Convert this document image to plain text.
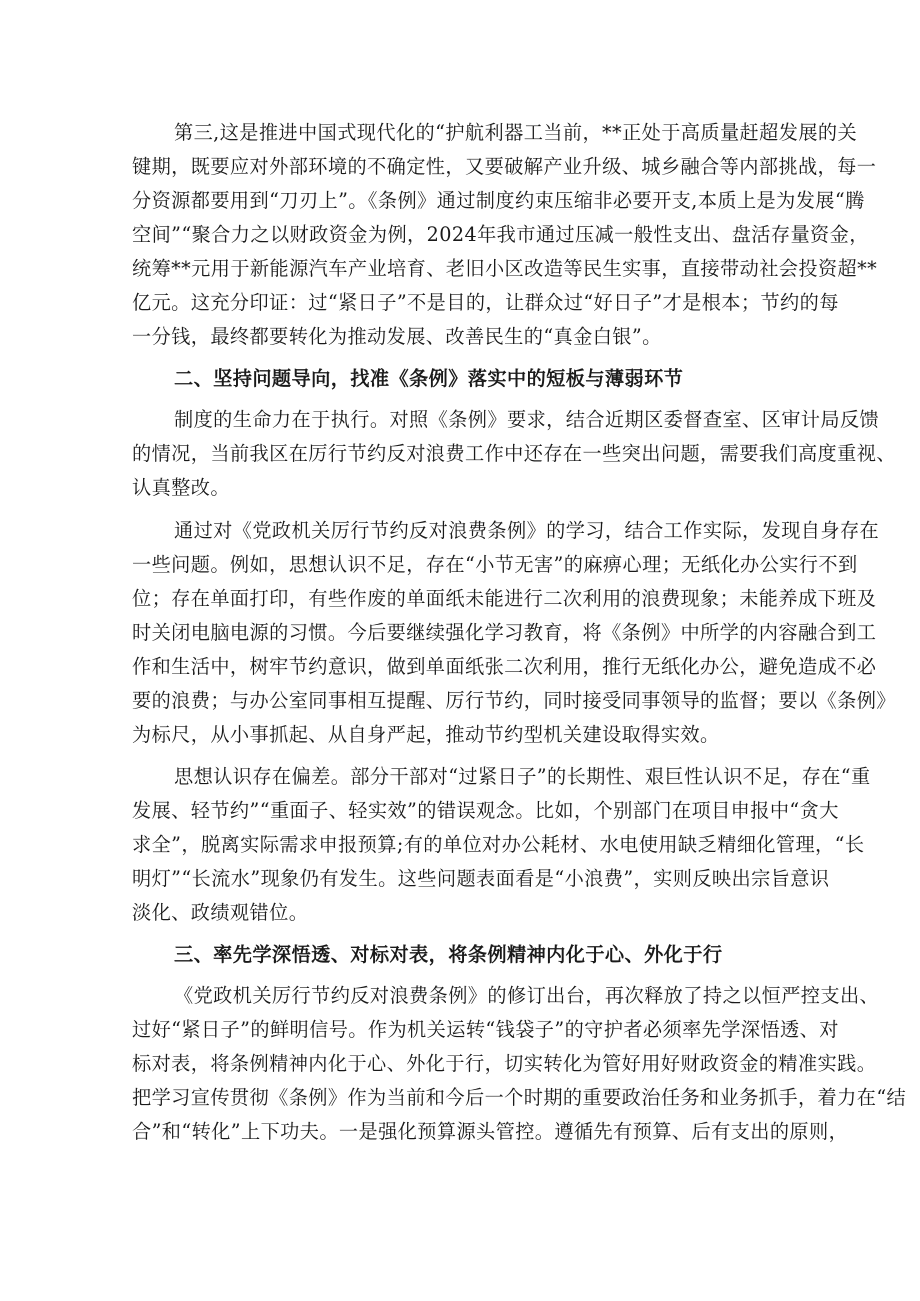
第三,这是推进中国式现代化的“护航利器工当前，**正处于高质量赶超发展的关
键期，既要应对外部环境的不确定性，又要破解产业升级、城乡融合等内部挑战，每一
分资源都要用到“刀刃上”。《条例》通过制度约束压缩非必要开支,本质上是为发展“腾
空间”“聚合力之以财政资金为例，2024年我市通过压减一般性支出、盘活存量资金，
统筹**元用于新能源汽车产业培育、老旧小区改造等民生实事，直接带动社会投资超**
亿元。这充分印证：过“紧日子”不是目的，让群众过“好日子”才是根本；节约的每
一分钱，最终都要转化为推动发展、改善民生的“真金白银”。
二、坚持问题导向，找准《条例》落实中的短板与薄弱环节
制度的生命力在于执行。对照《条例》要求，结合近期区委督查室、区审计局反馈
的情况，当前我区在厉行节约反对浪费工作中还存在一些突出问题，需要我们高度重视、
认真整改。
通过对《党政机关厉行节约反对浪费条例》的学习，结合工作实际，发现自身存在
一些问题。例如，思想认识不足，存在“小节无害”的麻痹心理；无纸化办公实行不到
位；存在单面打印，有些作废的单面纸未能进行二次利用的浪费现象；未能养成下班及
时关闭电脑电源的习惯。今后要继续强化学习教育，将《条例》中所学的内容融合到工
作和生活中，树牢节约意识，做到单面纸张二次利用，推行无纸化办公，避免造成不必
要的浪费；与办公室同事相互提醒、厉行节约，同时接受同事领导的监督；要以《条例》
为标尺，从小事抓起、从自身严起，推动节约型机关建设取得实效。
思想认识存在偏差。部分干部对“过紧日子”的长期性、艰巨性认识不足，存在“重
发展、轻节约”“重面子、轻实效”的错误观念。比如，个别部门在项目申报中“贪大
求全”，脱离实际需求申报预算;有的单位对办公耗材、水电使用缺乏精细化管理，“长
明灯”“长流水”现象仍有发生。这些问题表面看是“小浪费”，实则反映出宗旨意识
淡化、政绩观错位。
三、率先学深悟透、对标对表，将条例精神内化于心、外化于行
《党政机关厉行节约反对浪费条例》的修订出台，再次释放了持之以恒严控支出、
过好“紧日子”的鲜明信号。作为机关运转“钱袋子”的守护者必须率先学深悟透、对
标对表，将条例精神内化于心、外化于行，切实转化为管好用好财政资金的精准实践。
把学习宣传贯彻《条例》作为当前和今后一个时期的重要政治任务和业务抓手，着力在“结
合”和“转化”上下功夫。一是强化预算源头管控。遵循先有预算、后有支出的原则，
